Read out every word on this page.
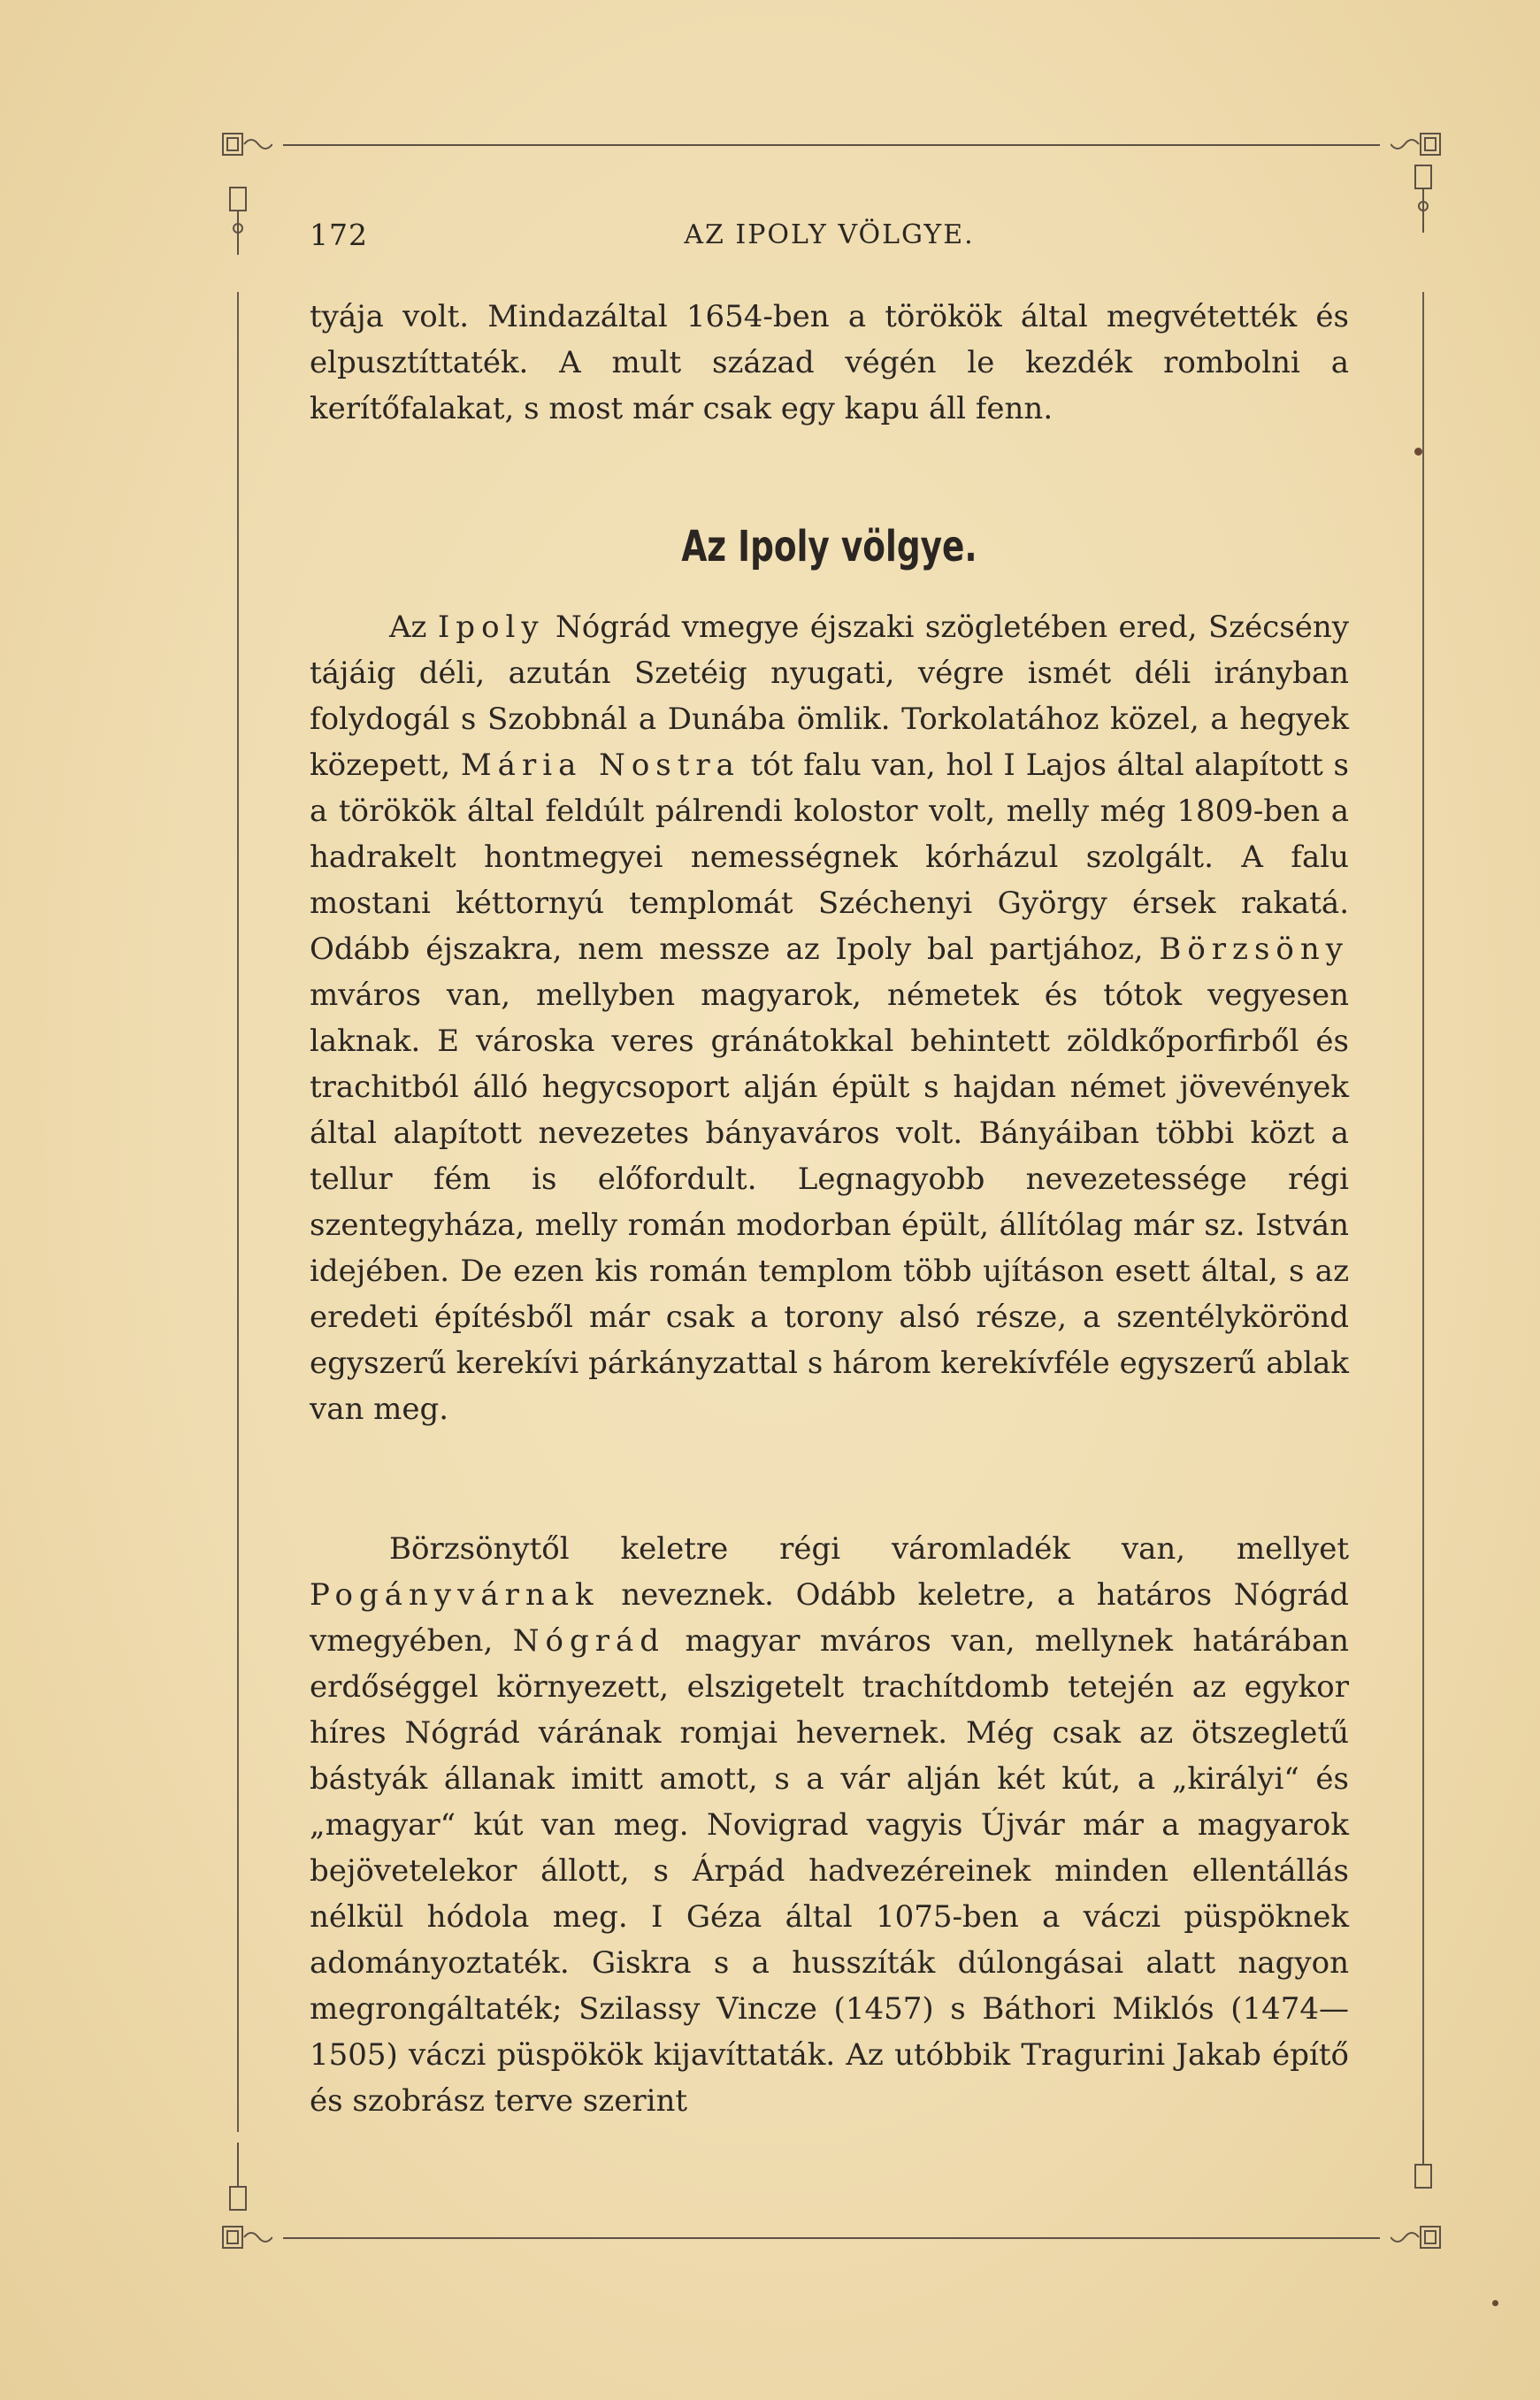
172	AZ IPOLY VÖLGYE.

tyája volt. Mindazáltal 1654-ben a törökök által megvétették és elpusztíttaték. A mult század végén le kezdék rombolni a kerítőfalakat, s most már csak egy kapu áll fenn.

Az Ipoly völgye.

Az Ipoly Nógrád vmegye éjszaki szögletében ered, Szécsény tájáig déli, azután Szetéig nyugati, végre ismét déli irányban folydogál s Szobbnál a Dunába ömlik. Torkolatához közel, a hegyek közepett, Mária Nostra tót falu van, hol I Lajos által alapított s a törökök által feldúlt pálrendi kolostor volt, melly még 1809-ben a hadrakelt hontmegyei nemességnek kórházul szolgált. A falu mostani kéttornyú templomát Széchenyi György érsek rakatá. Odább éjszakra, nem messze az Ipoly bal partjához, Börzsöny mváros van, mellyben magyarok, németek és tótok vegyesen laknak. E városka veres gránátokkal behintett zöldkőporfirből és trachitból álló hegycsoport alján épült s hajdan német jövevények által alapított nevezetes bányaváros volt. Bányáiban többi közt a tellur fém is előfordult. Legnagyobb nevezetessége régi szentegyháza, melly román modorban épült, állítólag már sz. István idejében. De ezen kis román templom több ujításon esett által, s az eredeti építésből már csak a torony alsó része, a szentélykörönd egyszerű kerekívi párkányzattal s három kerekívféle egyszerű ablak van meg.

Börzsönytől keletre régi váromladék van, mellyet Pogányvárnak neveznek. Odább keletre, a határos Nógrád vmegyében, Nógrád magyar mváros van, mellynek határában erdőséggel környezett, elszigetelt trachítdomb tetején az egykor híres Nógrád várának romjai hevernek. Még csak az ötszegletű bástyák állanak imitt amott, s a vár alján két kút, a „királyi“ és „magyar“ kút van meg. Novigrad vagyis Újvár már a magyarok bejövetelekor állott, s Árpád hadvezéreinek minden ellentállás nélkül hódola meg. I Géza által 1075-ben a váczi püspöknek adományoztaték. Giskra s a husszíták dúlongásai alatt nagyon megrongáltaték; Szilassy Vincze (1457) s Báthori Miklós (1474—1505) váczi püspökök kijavíttaták. Az utóbbik Tragurini Jakab építő és szobrász terve szerint
